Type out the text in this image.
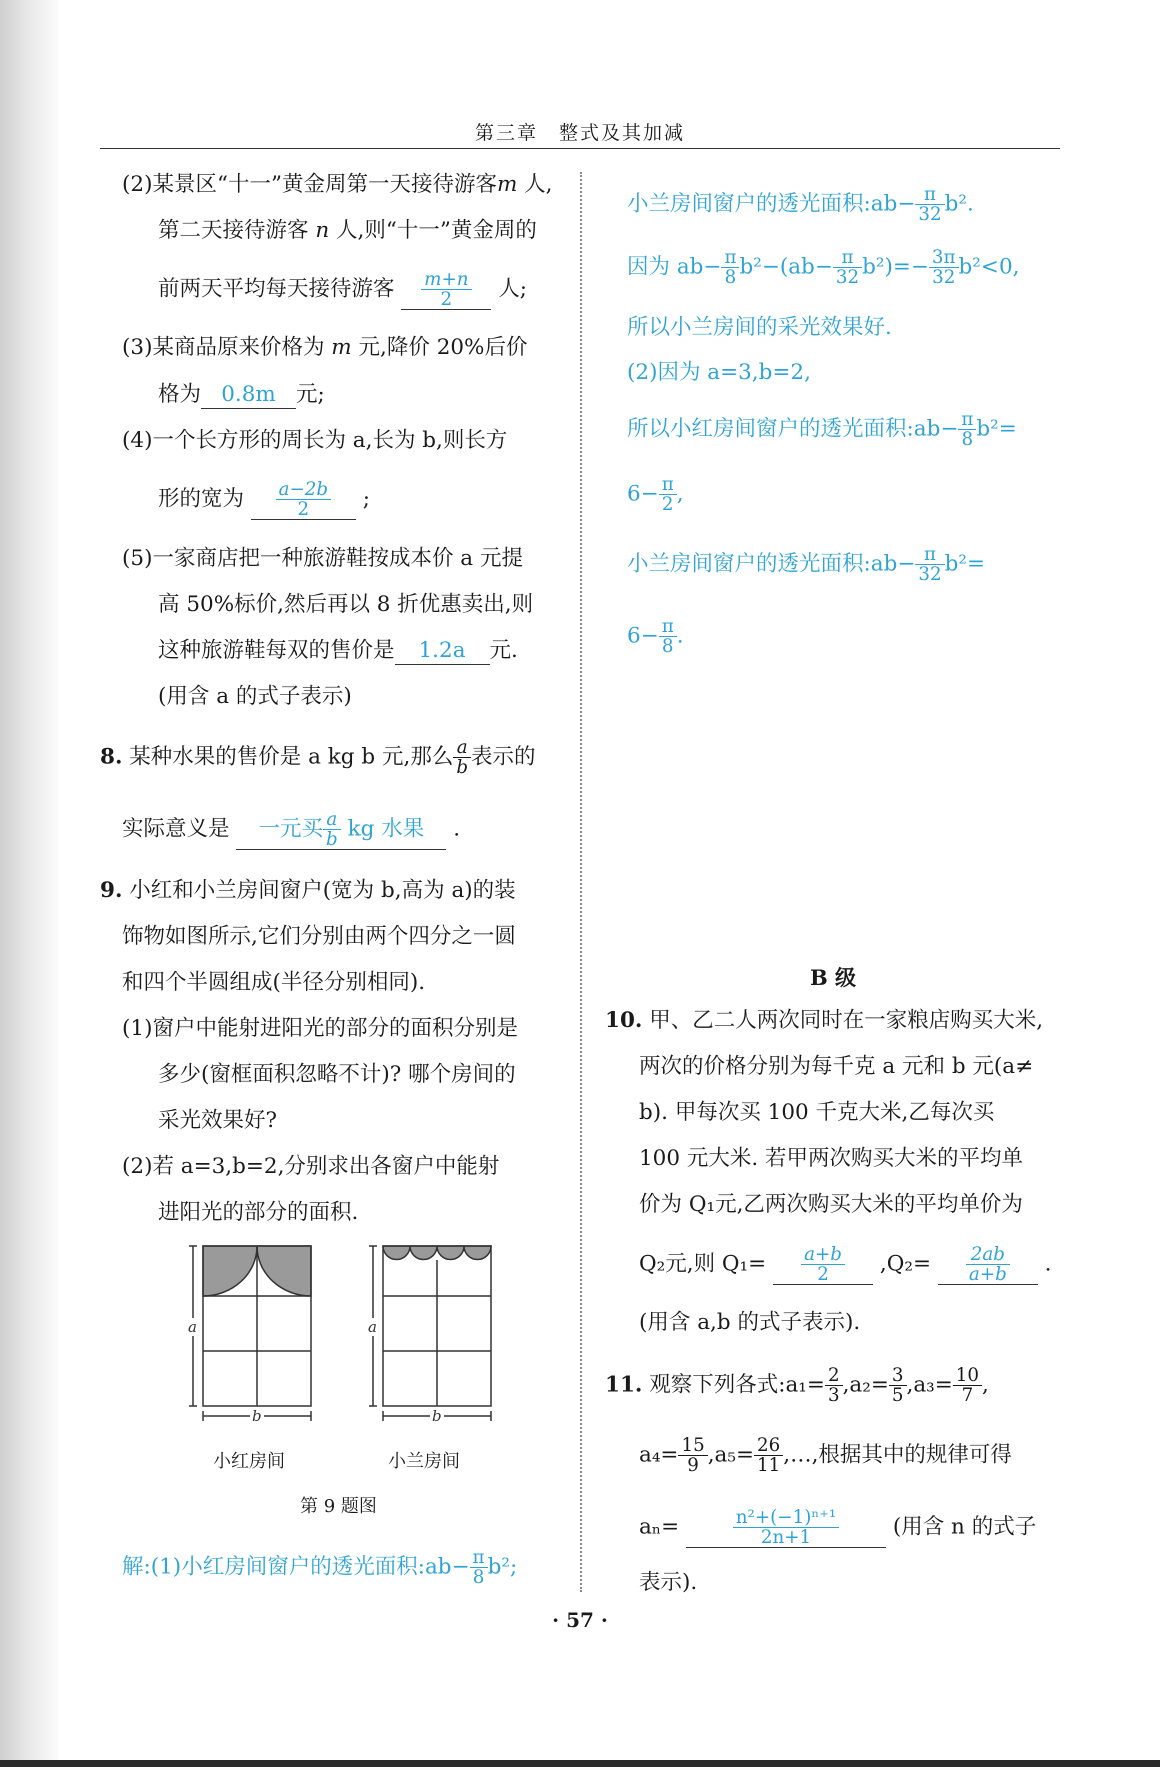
第三章　整式及其加减
(2)某景区“十一”黄金周第一天接待游客m 人,
第二天接待游客 n 人,则“十一”黄金周的
前两天平均每天接待游客 $\frac{m+n}{2}$ 人;
(3)某商品原来价格为 m 元,降价 20%后价
格为 0.8m 元;
(4)一个长方形的周长为 a,长为 b,则长方
形的宽为 $\frac{a-2b}{2}$ ;
(5)一家商店把一种旅游鞋按成本价 a 元提
高 50%标价,然后再以 8 折优惠卖出,则
这种旅游鞋每双的售价是 1.2a 元.
(用含 a 的式子表示)
8. 某种水果的售价是 a kg b 元,那么 $\frac{a}{b}$ 表示的
实际意义是 一元买 $\frac{a}{b}$ kg 水果 .
9. 小红和小兰房间窗户(宽为 b,高为 a)的装
饰物如图所示,它们分别由两个四分之一圆
和四个半圆组成(半径分别相同).
(1)窗户中能射进阳光的部分的面积分别是
多少(窗框面积忽略不计)? 哪个房间的
采光效果好?
(2)若 a=3,b=2,分别求出各窗户中能射
进阳光的部分的面积.
a
b
a
b
小红房间	小兰房间
第 9 题图
解:(1)小红房间窗户的透光面积:ab− $\frac{\pi}{8} b^2$;
小兰房间窗户的透光面积:ab− $\frac{\pi}{32} b^2$.
因为 $ab- \frac{\pi}{8} b^2-(ab- \frac{\pi}{32} b^2)=- \frac{3\pi}{32} b^2<0$,
所以小兰房间的采光效果好.
(2)因为 a=3,b=2,
所以小红房间窗户的透光面积:ab− $\frac{\pi}{8} b^2=$
$6- \frac{\pi}{2}$ ,
小兰房间窗户的透光面积:ab− $\frac{\pi}{32} b^2=$
$6- \frac{\pi}{8}$ .
10. 甲、乙二人两次同时在一家粮店购买大米,
两次的价格分别为每千克 a 元和 b 元(a≠
b). 甲每次买 100 千克大米,乙每次买
100 元大米. 若甲两次购买大米的平均单
价为 Q₁元,乙两次购买大米的平均单价为
Q₂元,则 $Q_1= \frac{a+b}{2} ,Q_2= \frac{2ab}{a+b}$ .
(用含 a,b 的式子表示).
11. 观察下列各式:a₁= $\frac{2}{3} ,a_2= \frac{3}{5} ,a_3= \frac{10}{7}$ ,
$a_4= \frac{15}{9} ,a_5= \frac{26}{11}$ ,…,根据其中的规律可得
aₙ=	$\frac{\text{n²+(−1)ⁿ⁺¹}}{2n+1}$ (用含 n 的式子
表示).
B 级
· 57 ·
